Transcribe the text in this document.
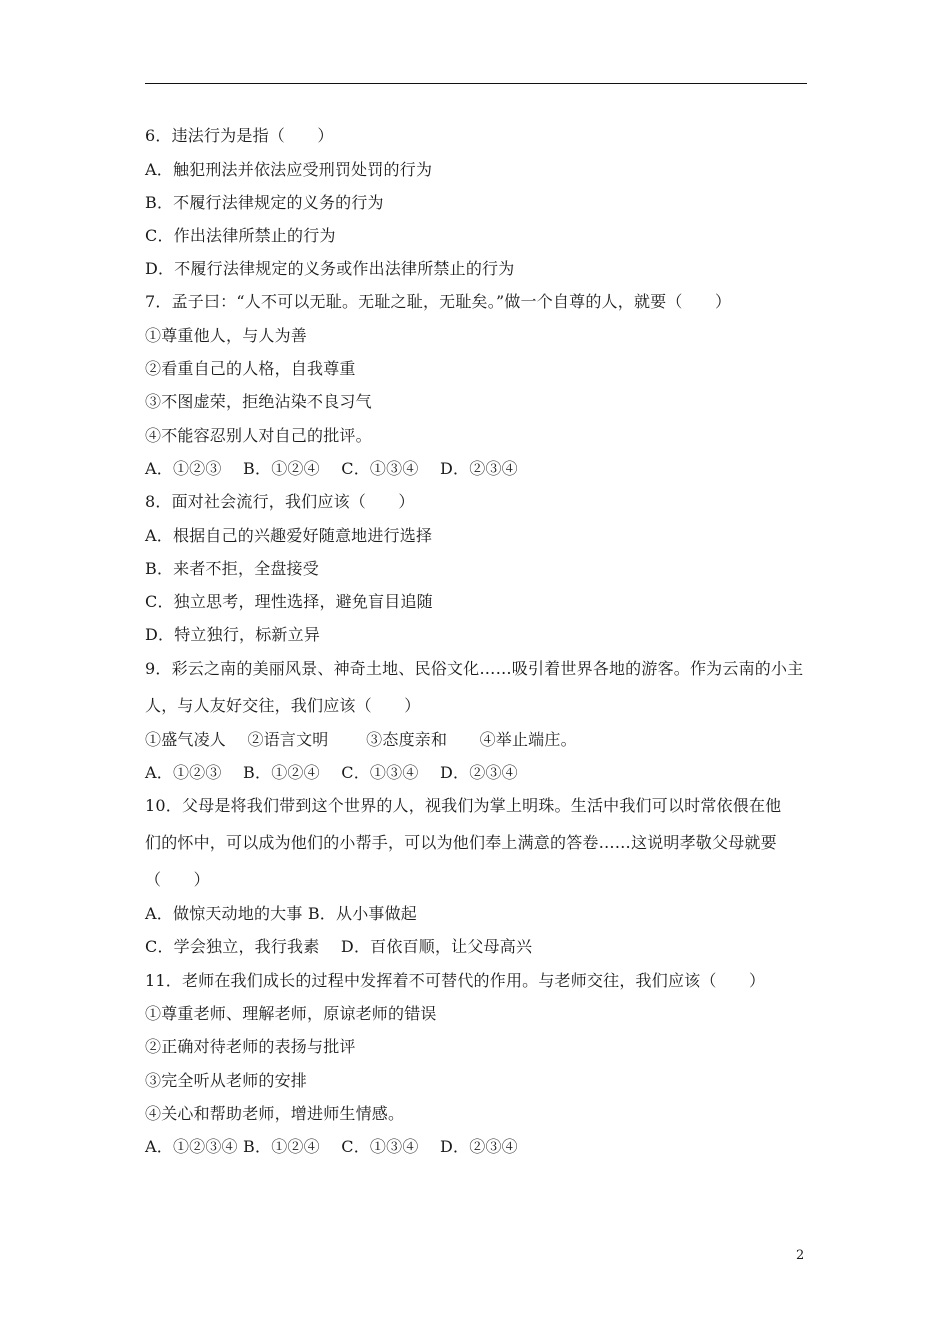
6．违法行为是指（　　）
A．触犯刑法并依法应受刑罚处罚的行为
B．不履行法律规定的义务的行为
C．作出法律所禁止的行为
D．不履行法律规定的义务或作出法律所禁止的行为
7．孟子曰：“人不可以无耻。无耻之耻，无耻矣。”做一个自尊的人，就要（　　）
①尊重他人，与人为善
②看重自己的人格，自我尊重
③不图虚荣，拒绝沾染不良习气
④不能容忍别人对自己的批评。
A．①②③　 B．①②④　 C．①③④　 D．②③④
8．面对社会流行，我们应该（　　）
A．根据自己的兴趣爱好随意地进行选择
B．来者不拒，全盘接受
C．独立思考，理性选择，避免盲目追随
D．特立独行，标新立异
9．彩云之南的美丽风景、神奇土地、民俗文化……吸引着世界各地的游客。作为云南的小主
人，与人友好交往，我们应该（　　）
①盛气凌人　 ②语言文明　　 ③态度亲和　　④举止端庄。
A．①②③　 B．①②④　 C．①③④　 D．②③④
10．父母是将我们带到这个世界的人，视我们为掌上明珠。生活中我们可以时常依偎在他
们的怀中，可以成为他们的小帮手，可以为他们奉上满意的答卷……这说明孝敬父母就要
（　　）
A．做惊天动地的大事 B．从小事做起
C．学会独立，我行我素　 D．百依百顺，让父母高兴
11．老师在我们成长的过程中发挥着不可替代的作用。与老师交往，我们应该（　　）
①尊重老师、理解老师，原谅老师的错误
②正确对待老师的表扬与批评
③完全听从老师的安排
④关心和帮助老师，增进师生情感。
A．①②③④ B．①②④　 C．①③④　 D．②③④
2
